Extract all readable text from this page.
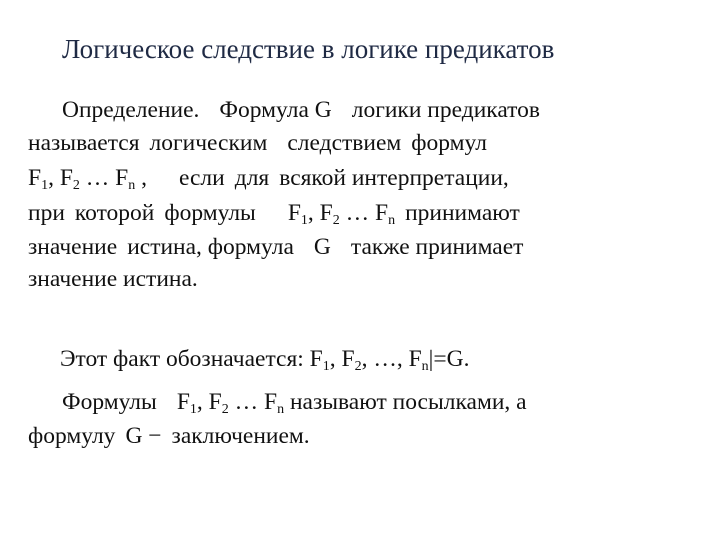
Логическое следствие в логике предикатов
Определение. Формула G логики предикатов
называется логическим следствием формул
$F_1$, $F_2$ … $F_n$ , если для всякой интерпретации,
при которой формулы $F_1$, $F_2$ … $F_n$ принимают
значение истина, формула G также принимает
значение истина.
Этот факт обозначается: $F_1$, $F_2$, …, $F_n|=G$.
Формулы $F_1$, $F_2$ … $F_n$ называют посылками, а
формулу G − заключением.
